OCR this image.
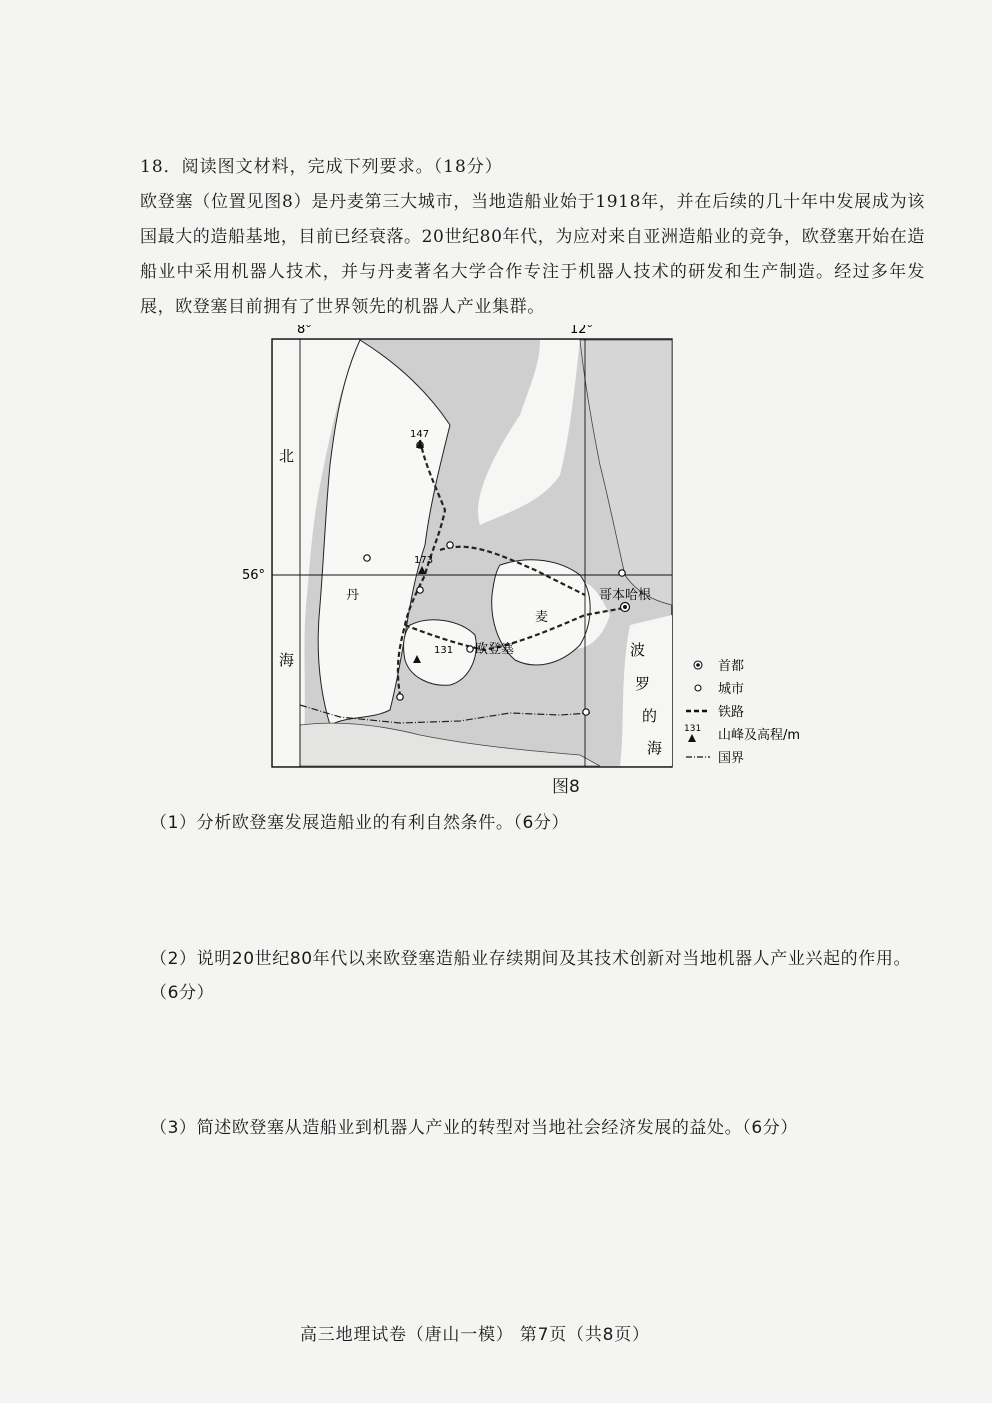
18．阅读图文材料，完成下列要求。（18分）
欧登塞（位置见图8）是丹麦第三大城市，当地造船业始于1918年，并在后续的几十年中发展成为该国最大的造船基地，目前已经衰落。20世纪80年代，为应对来自亚洲造船业的竞争，欧登塞开始在造船业中采用机器人技术，并与丹麦著名大学合作专注于机器人技术的研发和生产制造。经过多年发展，欧登塞目前拥有了世界领先的机器人产业集群。
8°	12°
56°
北
海
丹
麦
哥本哈根
欧登塞
147
173
131	波
罗
的
海
首都
城市
铁路
131 山峰及高程/m
国界
图8
（1）分析欧登塞发展造船业的有利自然条件。（6分）
（2）说明20世纪80年代以来欧登塞造船业存续期间及其技术创新对当地机器人产业兴起的作用。（6分）
（3）简述欧登塞从造船业到机器人产业的转型对当地社会经济发展的益处。（6分）
高三地理试卷（唐山一模） 第7页（共8页）
